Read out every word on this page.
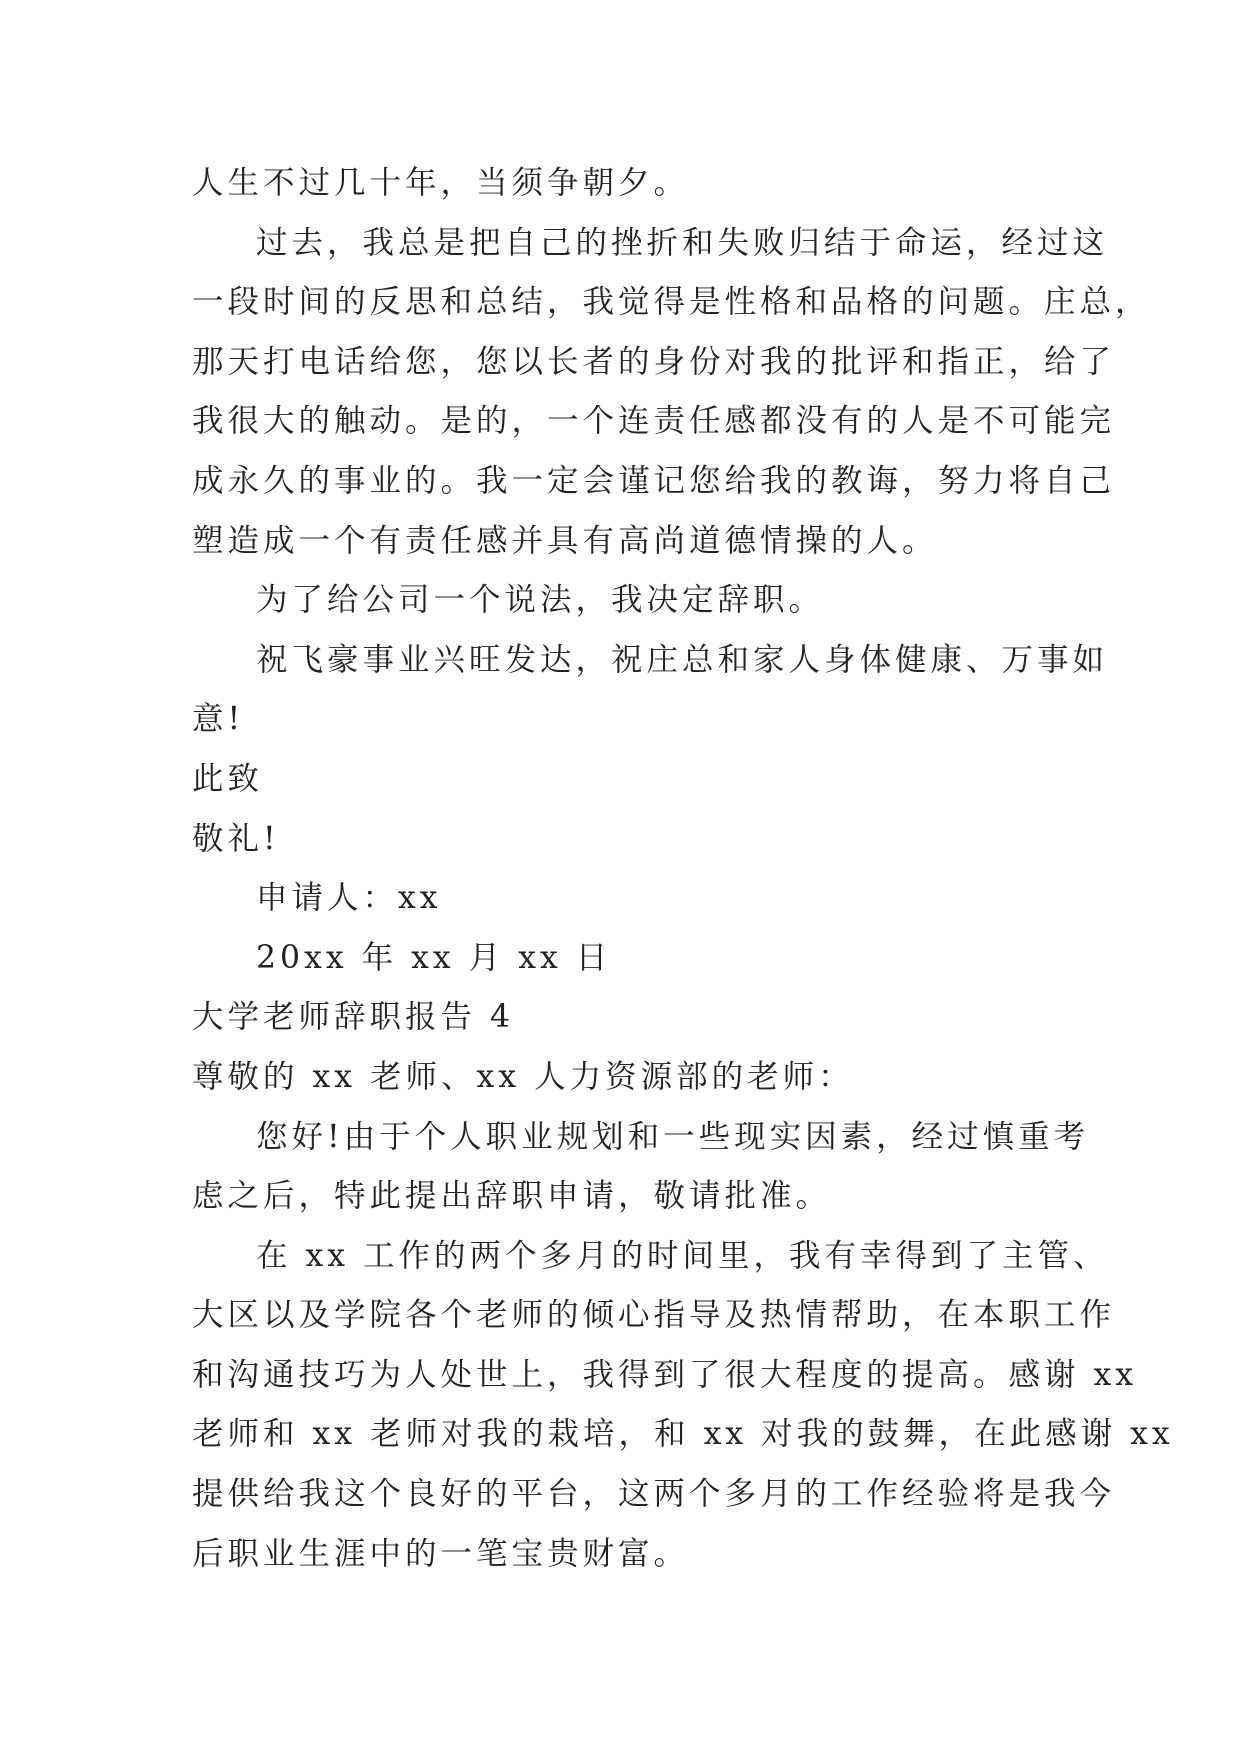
人生不过几十年，当须争朝夕。
过去，我总是把自己的挫折和失败归结于命运，经过这
一段时间的反思和总结，我觉得是性格和品格的问题。庄总，
那天打电话给您，您以长者的身份对我的批评和指正，给了
我很大的触动。是的，一个连责任感都没有的人是不可能完
成永久的事业的。我一定会谨记您给我的教诲，努力将自己
塑造成一个有责任感并具有高尚道德情操的人。
为了给公司一个说法，我决定辞职。
祝飞豪事业兴旺发达，祝庄总和家人身体健康、万事如
意!
此致
敬礼!
申请人：xx
20xx 年 xx 月 xx 日
大学老师辞职报告 4
尊敬的 xx 老师、xx 人力资源部的老师：
您好!由于个人职业规划和一些现实因素，经过慎重考
虑之后，特此提出辞职申请，敬请批准。
在 xx 工作的两个多月的时间里，我有幸得到了主管、
大区以及学院各个老师的倾心指导及热情帮助，在本职工作
和沟通技巧为人处世上，我得到了很大程度的提高。感谢 xx
老师和 xx 老师对我的栽培，和 xx 对我的鼓舞，在此感谢 xx
提供给我这个良好的平台，这两个多月的工作经验将是我今
后职业生涯中的一笔宝贵财富。
